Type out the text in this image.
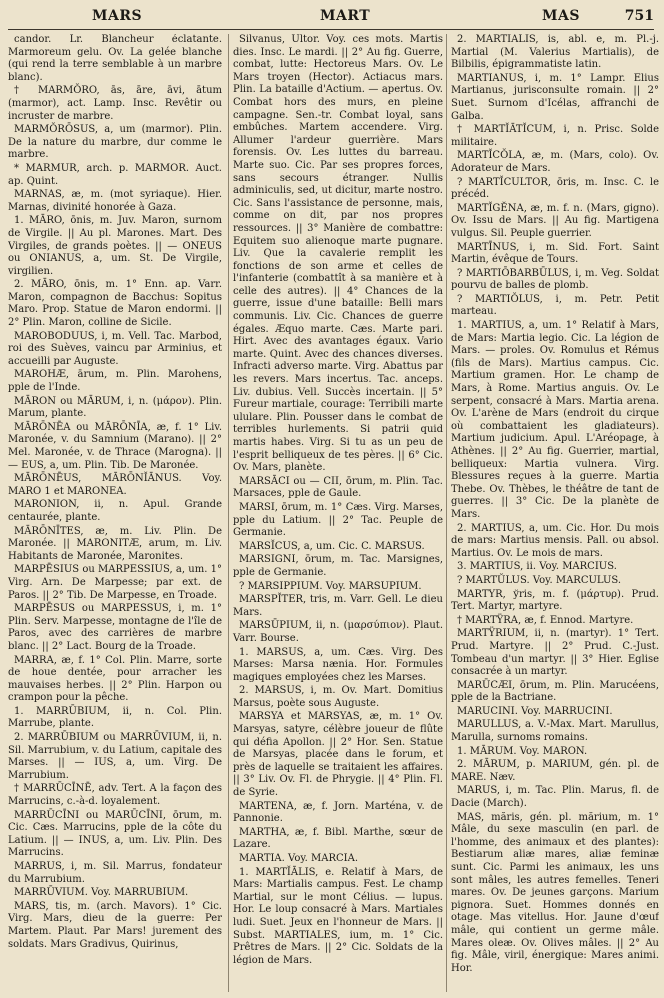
MARS	MART	MAS	751

candor. Lr. Blancheur éclatante. Marmoreum gelu. Ov. La gelée blanche (qui rend la terre semblable à un marbre blanc).

† MARMŎRO, ās, āre, āvi, ātum (marmor), act. Lamp. Insc. Revêtir ou incruster de marbre.

MARMŎRŌSUS, a, um (marmor). Plin. De la nature du marbre, dur comme le marbre.

* MARMUR, arch. p. MARMOR. Auct. ap. Quint.

MARNAS, æ, m. (mot syriaque). Hier. Marnas, divinité honorée à Gaza.

1. MĀRO, ōnis, m. Juv. Maron, surnom de Virgile. || Au pl. Marones. Mart. Des Virgiles, de grands poètes. || — ONEUS ou ONIANUS, a, um. St. De Virgile, virgilien.

2. MĀRO, ōnis, m. 1° Enn. ap. Varr. Maron, compagnon de Bacchus: Sopitus Maro. Prop. Statue de Maron endormi. || 2° Plin. Maron, colline de Sicile.

MAROBODUUS, i, m. Vell. Tac. Marbod, roi des Suèves, vaincu par Arminius, et accueilli par Auguste.

MAROHÆ, ārum, m. Plin. Marohens, pple de l'Inde.

MĀRON ou MĀRUM, i, n. (μάρον). Plin. Marum, plante.

MĀRŌNĒA ou MĀRŌNĪA, æ, f. 1° Liv. Maronée, v. du Samnium (Marano). || 2° Mel. Maronée, v. de Thrace (Marogna). || — EUS, a, um. Plin. Tib. De Maronée.

MĀRŌNĒUS, MĀRŌNĬĀNUS. Voy. MARO 1 et MARONEA.

MARONION, ii, n. Apul. Grande centaurée, plante.

MĀRŌNĪTES, æ, m. Liv. Plin. De Maronée. || MARONITÆ, arum, m. Liv. Habitants de Maronée, Maronites.

MARPĒSIUS ou MARPESSIUS, a, um. 1° Virg. Arn. De Marpesse; par ext. de Paros. || 2° Tib. De Marpesse, en Troade.

MARPĒSUS ou MARPESSUS, i, m. 1° Plin. Serv. Marpesse, montagne de l'île de Paros, avec des carrières de marbre blanc. || 2° Lact. Bourg de la Troade.

MARRA, æ, f. 1° Col. Plin. Marre, sorte de houe dentée, pour arracher les mauvaises herbes. || 2° Plin. Harpon ou crampon pour la pêche.

1. MARRŪBIUM, ii, n. Col. Plin. Marrube, plante.

2. MARRŪBIUM ou MARRŪVIUM, ii, n. Sil. Marrubium, v. du Latium, capitale des Marses. || — IUS, a, um. Virg. De Marrubium.

† MARRŪCĪNĒ, adv. Tert. A la façon des Marrucins, c.-à-d. loyalement.

MARRŪCĪNI ou MARŪCĪNI, ōrum, m. Cic. Cæs. Marrucins, pple de la côte du Latium. || — INUS, a, um. Liv. Plin. Des Marrucins.

MARRUS, i, m. Sil. Marrus, fondateur du Marrubium.

MARRŪVIUM. Voy. MARRUBIUM.

MARS, tis, m. (arch. Mavors). 1° Cic. Virg. Mars, dieu de la guerre: Per Martem. Plaut. Par Mars! jurement des soldats. Mars Gradivus, Quirinus,

Silvanus, Ultor. Voy. ces mots. Martis dies. Insc. Le mardi. || 2° Au fig. Guerre, combat, lutte: Hectoreus Mars. Ov. Le Mars troyen (Hector). Actiacus mars. Plin. La bataille d'Actium. — apertus. Ov. Combat hors des murs, en pleine campagne. Sen.-tr. Combat loyal, sans embûches. Martem accendere. Virg. Allumer l'ardeur guerrière. Mars forensis. Ov. Les luttes du barreau. Marte suo. Cic. Par ses propres forces, sans secours étranger. Nullis adminiculis, sed, ut dicitur, marte nostro. Cic. Sans l'assistance de personne, mais, comme on dit, par nos propres ressources. || 3° Manière de combattre: Equitem suo alienoque marte pugnare. Liv. Que la cavalerie remplit les fonctions de son arme et celles de l'infanterie (combattît à sa manière et à celle des autres). || 4° Chances de la guerre, issue d'une bataille: Belli mars communis. Liv. Cic. Chances de guerre égales. Æquo marte. Cæs. Marte pari. Hirt. Avec des avantages égaux. Vario marte. Quint. Avec des chances diverses. Infracti adverso marte. Virg. Abattus par les revers. Mars incertus. Tac. anceps. Liv. dubius. Vell. Succès incertain. || 5° Fureur martiale, courage: Terribili marte ululare. Plin. Pousser dans le combat de terribles hurlements. Si patrii quid martis habes. Virg. Si tu as un peu de l'esprit belliqueux de tes pères. || 6° Cic. Ov. Mars, planète.

MARSĀCI ou — CII, ōrum, m. Plin. Tac. Marsaces, pple de Gaule.

MARSI, ōrum, m. 1° Cæs. Virg. Marses, pple du Latium. || 2° Tac. Peuple de Germanie.

MARSĬCUS, a, um. Cic. C. MARSUS.

MARSIGNI, ōrum, m. Tac. Marsignes, pple de Germanie.

? MARSIPPIUM. Voy. MARSUPIUM.

MARSPĬTER, tris, m. Varr. Gell. Le dieu Mars.

MARSŪPIUM, ii, n. (μαρσύπιον). Plaut. Varr. Bourse.

1. MARSUS, a, um. Cæs. Virg. Des Marses: Marsa nænia. Hor. Formules magiques employées chez les Marses.

2. MARSUS, i, m. Ov. Mart. Domitius Marsus, poète sous Auguste.

MARSYA et MARSYAS, æ, m. 1° Ov. Marsyas, satyre, célèbre joueur de flûte qui défia Apollon. || 2° Hor. Sen. Statue de Marsyas, placée dans le forum, et près de laquelle se traitaient les affaires. || 3° Liv. Ov. Fl. de Phrygie. || 4° Plin. Fl. de Syrie.

MARTENA, æ, f. Jorn. Marténa, v. de Pannonie.

MARTHA, æ, f. Bibl. Marthe, sœur de Lazare.

MARTIA. Voy. MARCIA.

1. MARTĬĀLIS, e. Relatif à Mars, de Mars: Martialis campus. Fest. Le champ Martial, sur le mont Célius. — lupus. Hor. Le loup consacré à Mars. Martiales ludi. Suet. Jeux en l'honneur de Mars. || Subst. MARTIALES, ium, m. 1° Cic. Prêtres de Mars. || 2° Cic. Soldats de la légion de Mars.

2. MARTĬĀLIS, is, abl. e, m. Pl.-j. Martial (M. Valerius Martialis), de Bilbilis, épigrammatiste latin.

MARTIANUS, i, m. 1° Lampr. Elius Martianus, jurisconsulte romain. || 2° Suet. Surnom d'Icélas, affranchi de Galba.

† MARTĬĀTĬCUM, i, n. Prisc. Solde militaire.

MARTĬCŎLA, æ, m. (Mars, colo). Ov. Adorateur de Mars.

? MARTĬCULTOR, ōris, m. Insc. C. le précéd.

MARTĬGĔNA, æ, m. f. n. (Mars, gigno). Ov. Issu de Mars. || Au fig. Martigena vulgus. Sil. Peuple guerrier.

MARTĪNUS, i, m. Sid. Fort. Saint Martin, évêque de Tours.

? MARTIŌBARBŪLUS, i, m. Veg. Soldat pourvu de balles de plomb.

? MARTIŎLUS, i, m. Petr. Petit marteau.

1. MARTIUS, a, um. 1° Relatif à Mars, de Mars: Martia legio. Cic. La légion de Mars. — proles. Ov. Romulus et Rémus (fils de Mars). Martius campus. Cic. Martium gramen. Hor. Le champ de Mars, à Rome. Martius anguis. Ov. Le serpent, consacré à Mars. Martia arena. Ov. L'arène de Mars (endroit du cirque où combattaient les gladiateurs). Martium judicium. Apul. L'Aréopage, à Athènes. || 2° Au fig. Guerrier, martial, belliqueux: Martia vulnera. Virg. Blessures reçues à la guerre. Martia Thebe. Ov. Thèbes, le théâtre de tant de guerres. || 3° Cic. De la planète de Mars.

2. MARTIUS, a, um. Cic. Hor. Du mois de mars: Martius mensis. Pall. ou absol. Martius. Ov. Le mois de mars.

3. MARTIUS, ii. Voy. MARCIUS.

? MARTŬLUS. Voy. MARCULUS.

MARTYR, ўris, m. f. (μάρτυρ). Prud. Tert. Martyr, martyre.

† MARTŸRA, æ, f. Ennod. Martyre.

MARTŸRIUM, ii, n. (martyr). 1° Tert. Prud. Martyre. || 2° Prud. C.-Just. Tombeau d'un martyr. || 3° Hier. Eglise consacrée à un martyr.

MARŪCÆI, ōrum, m. Plin. Marucéens, pple de la Bactriane.

MARUCINI. Voy. MARRUCINI.

MARULLUS, a. V.-Max. Mart. Marullus, Marulla, surnoms romains.

1. MĀRUM. Voy. MARON.

2. MĀRUM, p. MARIUM, gén. pl. de MARE. Næv.

MARUS, i, m. Tac. Plin. Marus, fl. de Dacie (March).

MAS, măris, gén. pl. mărium, m. 1° Mâle, du sexe masculin (en parl. de l'homme, des animaux et des plantes): Bestiarum aliæ mares, aliæ feminæ sunt. Cic. Parmi les animaux, les uns sont mâles, les autres femelles. Teneri mares. Ov. De jeunes garçons. Marium pignora. Suet. Hommes donnés en otage. Mas vitellus. Hor. Jaune d'œuf mâle, qui contient un germe mâle. Mares oleæ. Ov. Olives mâles. || 2° Au fig. Mâle, viril, énergique: Mares animi. Hor.
